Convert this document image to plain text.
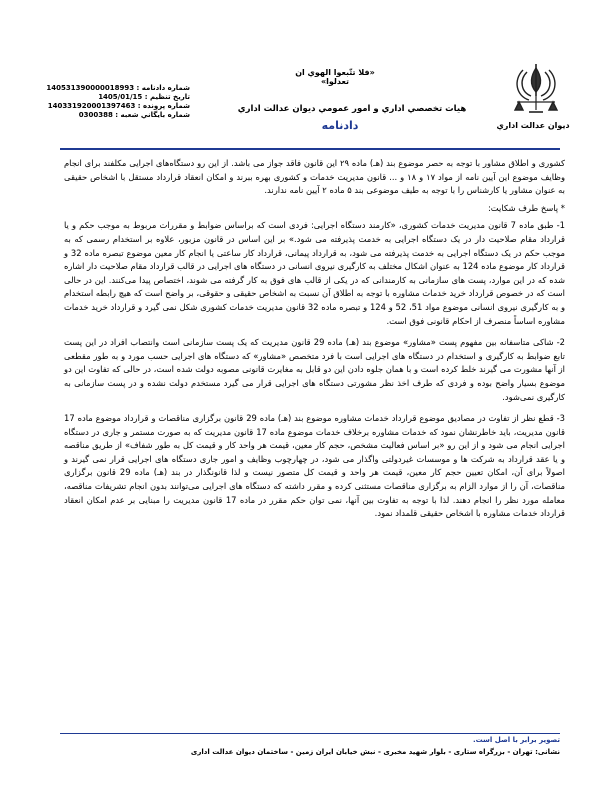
ديوان عدالت اداري
«فلا تتّبعوا الهوي ان تعدلوا»
هيات تخصصي اداري و امور عمومي ديوان عدالت اداري
دادنامه
شماره دادنامه : 140531390000018993
تاريخ تنظيم : 1405/01/15
شماره پرونده : 140331920001397463
شماره بايگاني شعبه : 0300388

كشوری و اطلاق مشاور با توجه به حصر موضوع بند (هـ) ماده ۲۹ این قانون فاقد جواز می باشد. از این رو دستگاه‌های اجرایی مکلفند برای انجام وظایف موضوع این آیین نامه از مواد ۱۷ و ۱۸ و ... قانون مدیریت خدمات و کشوری بهره ببرند و امکان انعقاد قرارداد مستقل با اشخاص حقیقی به عنوان مشاور یا کارشناس را با توجه به طیف موضوعی بند ۵ ماده ۲ آیین نامه ندارند.

* پاسخ طرف شکایت:

1- طبق ماده 7 قانون مدیریت خدمات کشوری، «کارمند دستگاه اجرایی: فردی است که براساس ضوابط و مقررات مربوط به موجب حکم و یا قرارداد مقام صلاحیت دار در یک دستگاه اجرایی به خدمت پذیرفته می شود.» بر این اساس در قانون مزبور، علاوه بر استخدام رسمی که به موجب حکم در یک دستگاه اجرایی به خدمت پذیرفته می شود، به قرارداد پیمانی، قرارداد کار ساعتی یا انجام کار معین موضوع تبصره ماده 32 و قرارداد کار موضوع ماده 124 به عنوان اشکال مختلف به کارگیری نیروی انسانی در دستگاه های اجرایی در قالب قرارداد مقام صلاحیت دار اشاره شده که در این موارد، پست های سازمانی به کارمندانی که در یکی از قالب های فوق به کار گرفته می شوند، اختصاص پیدا می‌کنند. این در حالی است که در خصوص قرارداد خرید خدمات مشاوره با توجه به اطلاق آن نسبت به اشخاص حقیقی و حقوقی، بر واضح است که هیچ رابطه استخدام و به کارگیری نیروی انسانی موضوع مواد 51، 52 و 124 و تبصره ماده 32 قانون مدیریت خدمات کشوری شکل نمی گیرد و قرارداد خرید خدمات مشاوره اساساً منصرف از احکام قانونی فوق است.

2- شاکی متاسفانه بین مفهوم پست «مشاور» موضوع بند (هـ) ماده 29 قانون مدیریت که یک پست سازمانی است وانتصاب افراد در این پست تابع ضوابط به کارگیری و استخدام در دستگاه های اجرایی است با فرد متخصص «مشاور» که دستگاه های اجرایی حسب مورد و به طور مقطعی از آنها مشورت می گیرند خلط کرده است و با همان جلوه دادن این دو قابل به مغایرت قانونی مصوبه دولت شده است، در حالی که تفاوت این دو موضوع بسیار واضح بوده و فردی که طرف اخذ نظر مشورتی دستگاه های اجرایی قرار می گیرد مستخدم دولت نشده و در پست سازمانی به کارگیری نمی‌شود.

3- قطع نظر از تفاوت در مصادیق موضوع قرارداد خدمات مشاوره موضوع بند (هـ) ماده 29 قانون برگزاری مناقصات و قرارداد موضوع ماده 17 قانون مدیریت، باید خاطرنشان نمود که خدمات مشاوره برخلاف خدمات موضوع ماده 17 قانون مدیریت که به صورت مستمر و جاری در دستگاه اجرایی انجام می شود و از این رو «بر اساس فعالیت مشخص، حجم کار معین، قیمت هر واحد کار و قیمت کل به طور شفاف» از طریق مناقصه و یا عقد قرارداد به شرکت ها و موسسات غیردولتی واگذار می شود، در چهارچوب وظایف و امور جاری دستگاه های اجرایی قرار نمی گیرند و اصولاً برای آن، امکان تعیین حجم کار معین، قیمت هر واحد و قیمت کل متصور نیست و لذا قانونگذار در بند (هـ) ماده 29 قانون برگزاری مناقصات، آن را از موارد الزام به برگزاری مناقصات مستثنی کرده و مقرر داشته که دستگاه های اجرایی می‌توانند بدون انجام تشریفات مناقصه، معامله مورد نظر را انجام دهند. لذا با توجه به تفاوت بین آنها، نمی توان حکم مقرر در ماده 17 قانون مدیریت را مبنایی بر عدم امکان انعقاد قرارداد خدمات مشاوره با اشخاص حقیقی قلمداد نمود.

تصویر برابر با اصل است.
نشانی: تهران - بزرگراه ستاری - بلوار شهید مخبری - نبش خیابان ایران زمین - ساختمان دیوان عدالت اداری
